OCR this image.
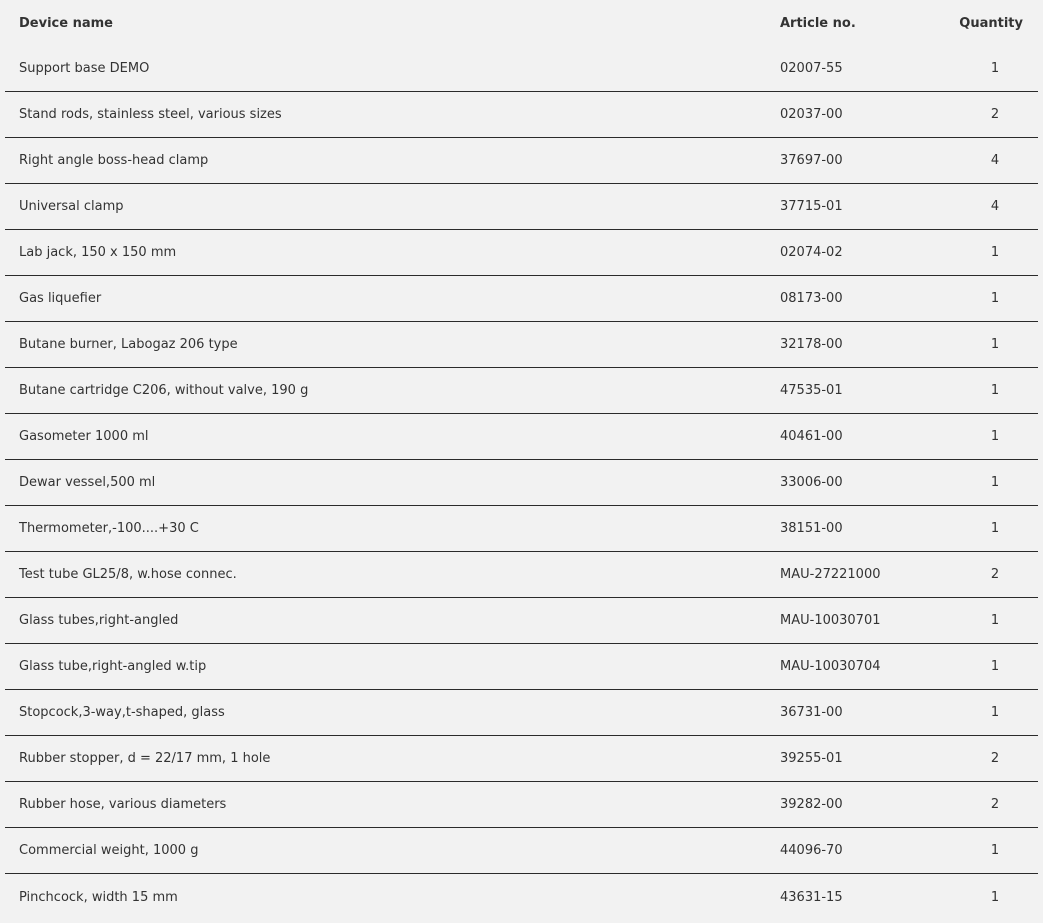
Device name	Article no.	Quantity
Support base DEMO	02007-55	1
Stand rods, stainless steel, various sizes	02037-00	2
Right angle boss-head clamp	37697-00	4
Universal clamp	37715-01	4
Lab jack, 150 x 150 mm	02074-02	1
Gas liquefier	08173-00	1
Butane burner, Labogaz 206 type	32178-00	1
Butane cartridge C206, without valve, 190 g	47535-01	1
Gasometer 1000 ml	40461-00	1
Dewar vessel,500 ml	33006-00	1
Thermometer,-100....+30 C	38151-00	1
Test tube GL25/8, w.hose connec.	MAU-27221000	2
Glass tubes,right-angled	MAU-10030701	1
Glass tube,right-angled w.tip	MAU-10030704	1
Stopcock,3-way,t-shaped, glass	36731-00	1
Rubber stopper, d = 22/17 mm, 1 hole	39255-01	2
Rubber hose, various diameters	39282-00	2
Commercial weight, 1000 g	44096-70	1
Pinchcock, width 15 mm	43631-15	1
